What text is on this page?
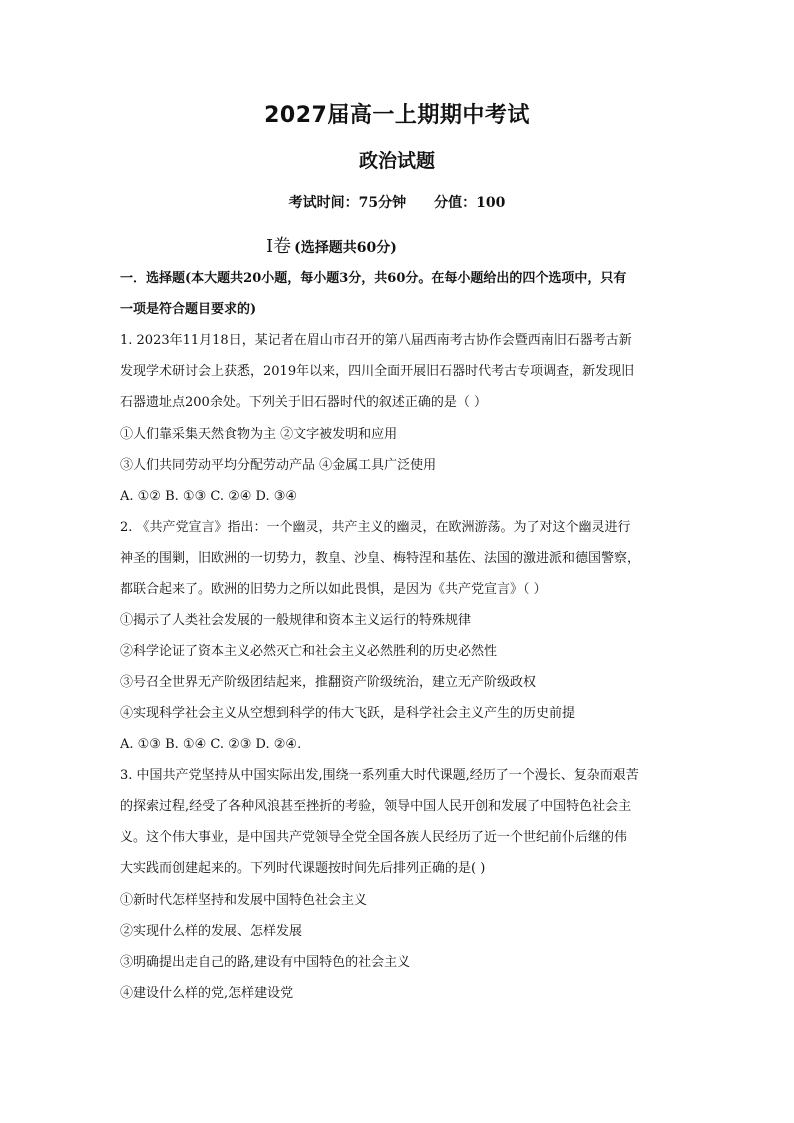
2027届高一上期期中考试
政治试题
考试时间：75分钟 分值：100
Ⅰ卷 (选择题共60分)
一．选择题(本大题共20小题，每小题3分，共60分。在每小题给出的四个选项中，只有
一项是符合题目要求的)
1. 2023年11月18日，某记者在眉山市召开的第八届西南考古协作会暨西南旧石器考古新
发现学术研讨会上获悉，2019年以来，四川全面开展旧石器时代考古专项调查，新发现旧
石器遗址点200余处。下列关于旧石器时代的叙述正确的是（ ）
①人们靠采集天然食物为主 ②文字被发明和应用
③人们共同劳动平均分配劳动产品 ④金属工具广泛使用
A. ①② B. ①③ C. ②④ D. ③④
2. 《共产党宣言》指出：一个幽灵，共产主义的幽灵，在欧洲游荡。为了对这个幽灵进行
神圣的围剿，旧欧洲的一切势力，教皇、沙皇、梅特涅和基佐、法国的激进派和德国警察，
都联合起来了。欧洲的旧势力之所以如此畏惧，是因为《共产党宣言》（ ）
①揭示了人类社会发展的一般规律和资本主义运行的特殊规律
②科学论证了资本主义必然灭亡和社会主义必然胜利的历史必然性
③号召全世界无产阶级团结起来，推翻资产阶级统治，建立无产阶级政权
④实现科学社会主义从空想到科学的伟大飞跃，是科学社会主义产生的历史前提
A. ①③ B. ①④ C. ②③ D. ②④.
3. 中国共产党坚持从中国实际出发,围绕一系列重大时代课题,经历了一个漫长、复杂而艰苦
的探索过程,经受了各种风浪甚至挫折的考验，领导中国人民开创和发展了中国特色社会主
义。这个伟大事业，是中国共产党领导全党全国各族人民经历了近一个世纪前仆后继的伟
大实践而创建起来的。下列时代课题按时间先后排列正确的是( )
①新时代怎样坚持和发展中国特色社会主义
②实现什么样的发展、怎样发展
③明确提出走自己的路,建设有中国特色的社会主义
④建设什么样的党,怎样建设党
